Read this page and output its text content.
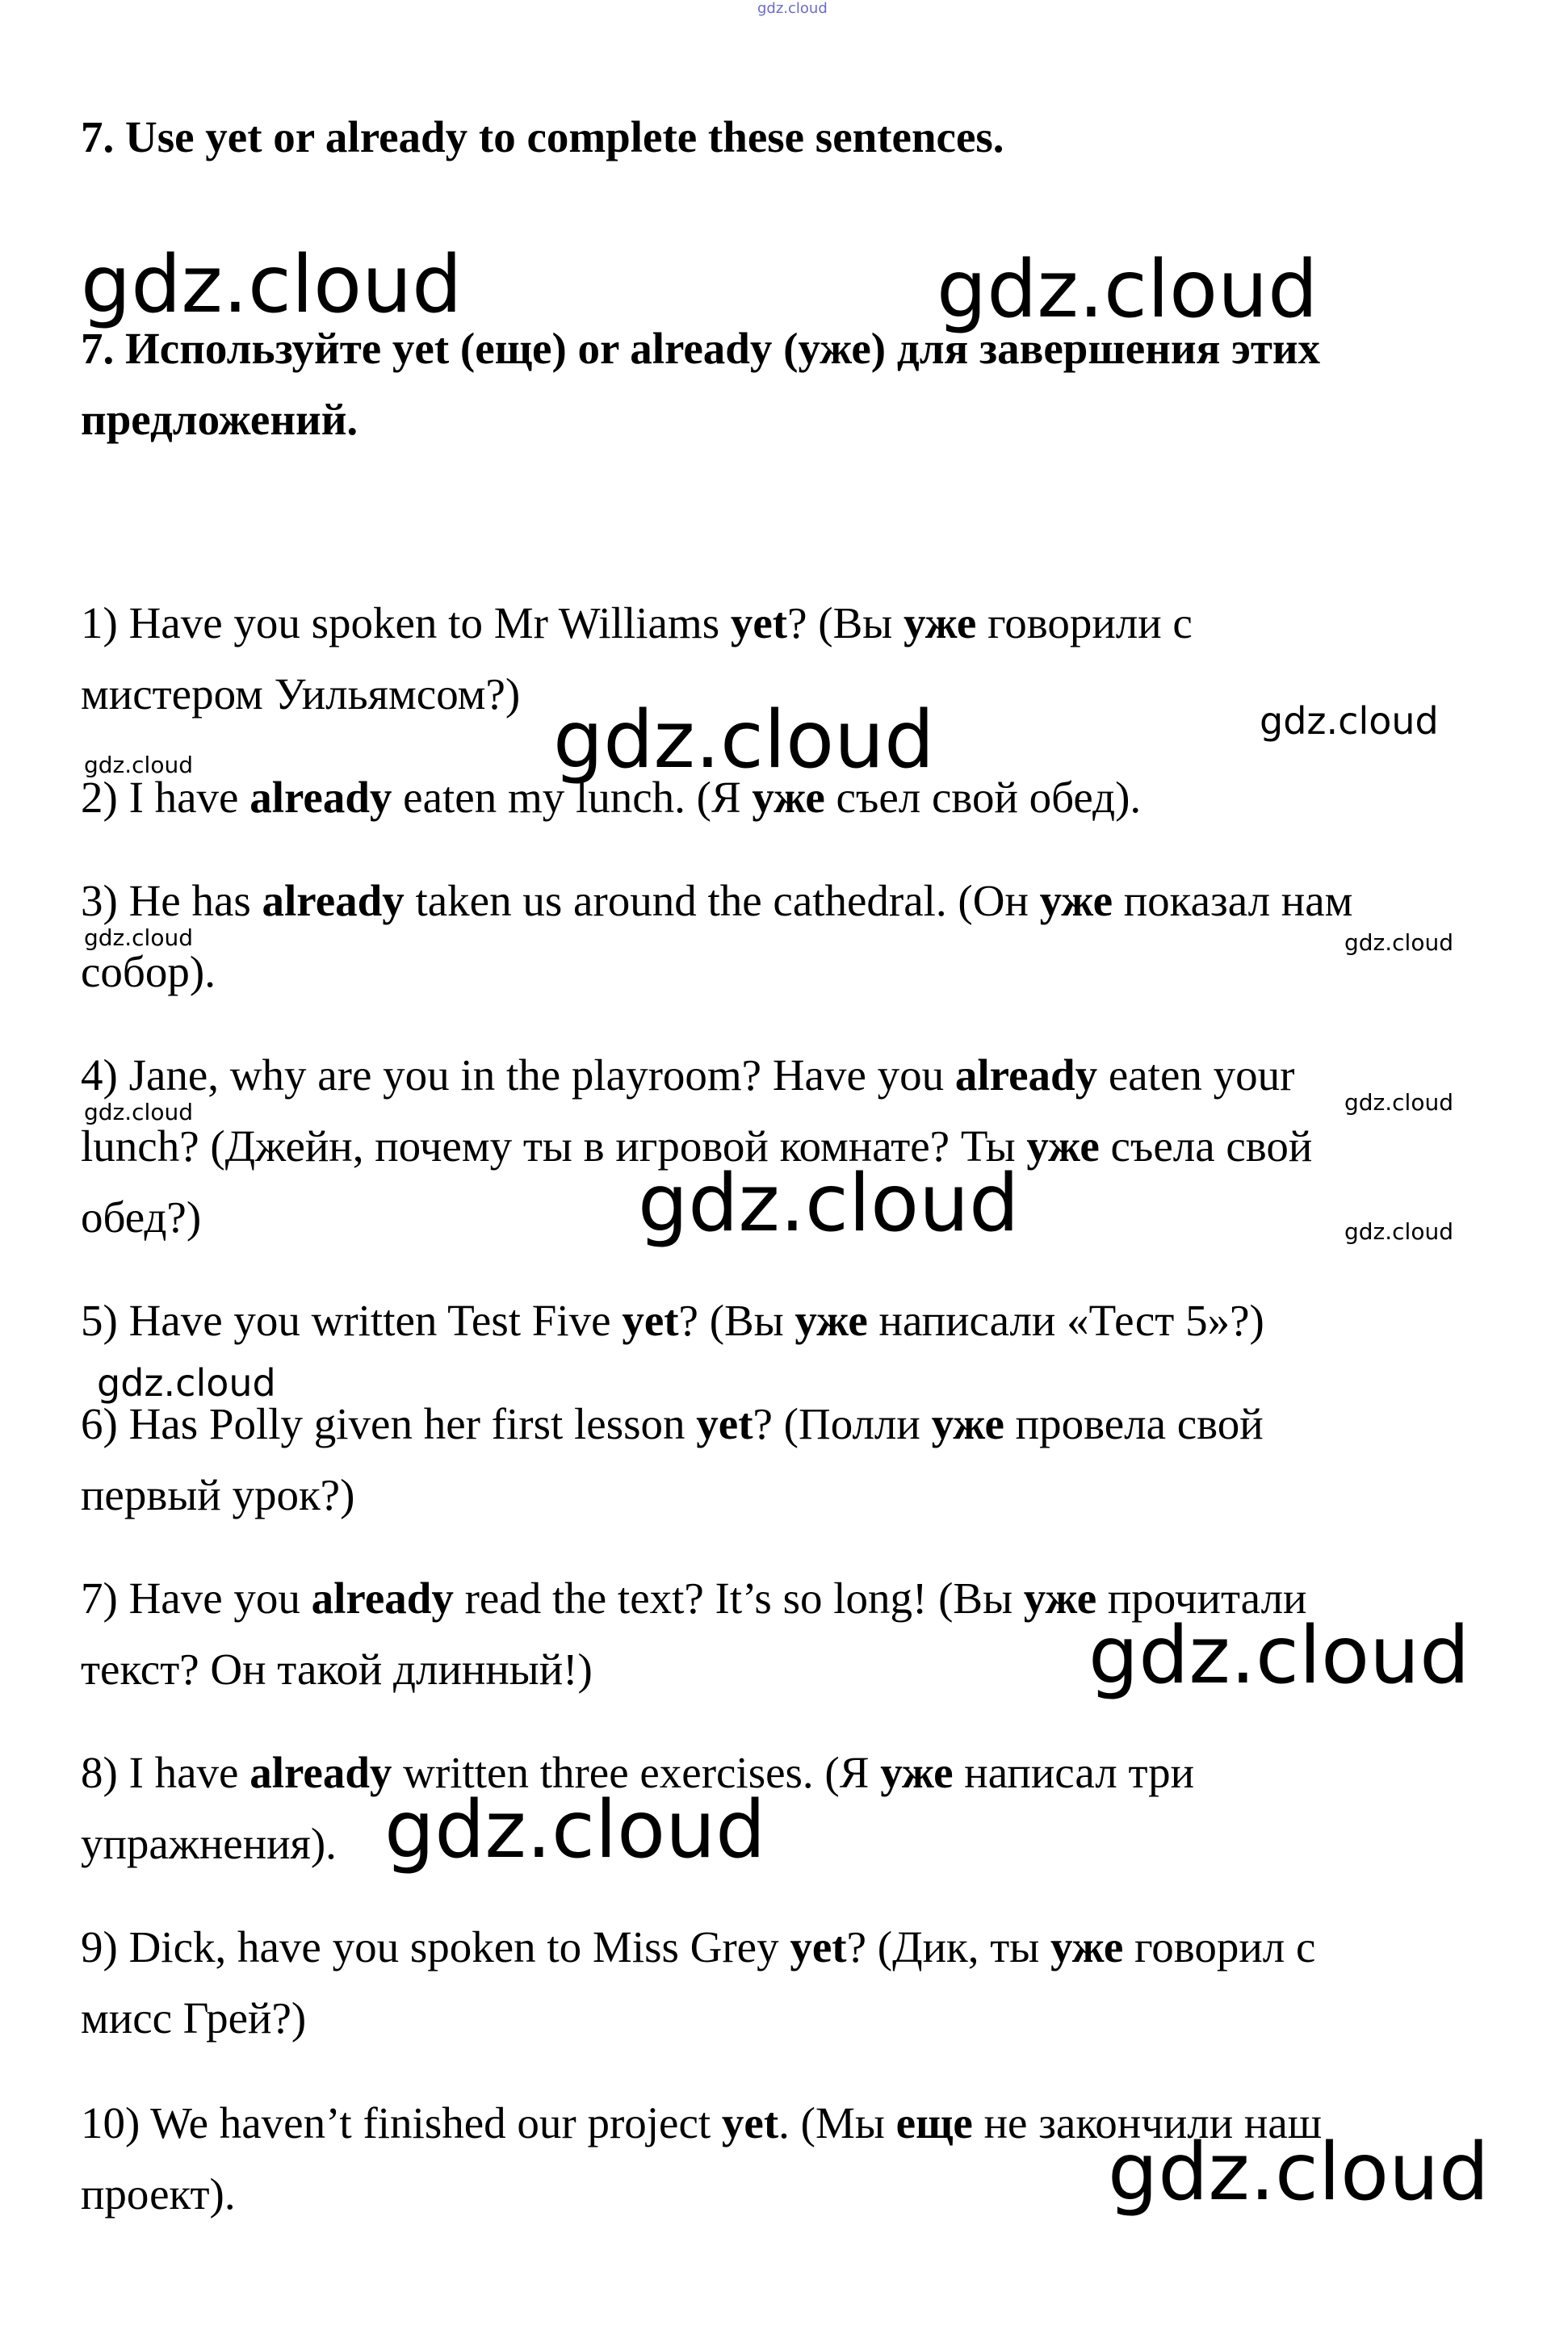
gdz.cloud
7. Use yet or already to complete these sentences.
gdz.cloud	gdz.cloud
7. Используйте yet (еще) or already (уже) для завершения этих
предложений.
1) Have you spoken to Mr Williams yet? (Вы уже говорили с
мистером Уильямсом?)
gdz.cloud	gdz.cloud
gdz.cloud
2) I have already eaten my lunch. (Я уже съел свой обед).
3) He has already taken us around the cathedral. (Он уже показал нам
собор).
gdz.cloud	gdz.cloud
4) Jane, why are you in the playroom? Have you already eaten your
lunch? (Джейн, почему ты в игровой комнате? Ты уже съела свой
обед?)
gdz.cloud	gdz.cloud
gdz.cloud	gdz.cloud
5) Have you written Test Five yet? (Вы уже написали «Тест 5»?)
gdz.cloud
6) Has Polly given her first lesson yet? (Полли уже провела свой
первый урок?)
7) Have you already read the text? It’s so long! (Вы уже прочитали
текст? Он такой длинный!)	gdz.cloud
8) I have already written three exercises. (Я уже написал три
упражнения). gdz.cloud
9) Dick, have you spoken to Miss Grey yet? (Дик, ты уже говорил с
мисс Грей?)
10) We haven’t finished our project yet. (Мы еще не закончили наш
проект).	gdz.cloud
